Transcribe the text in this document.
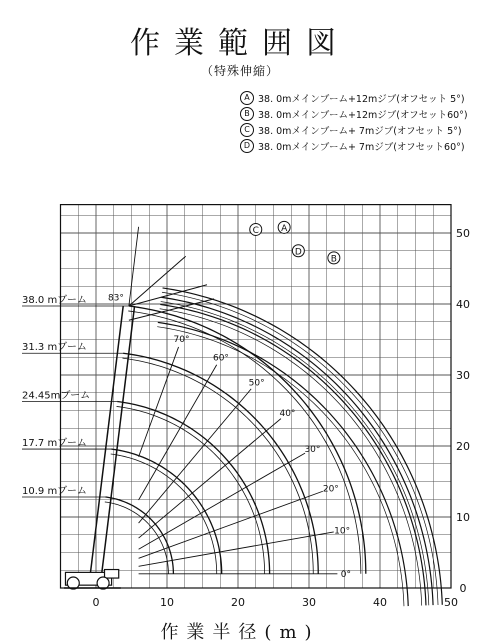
作業範囲図
（特殊伸縮）
A 38. 0mメインブーム+12mジブ(オフセット 5°)
B 38. 0mメインブーム+12mジブ(オフセット60°)
C 38. 0mメインブーム+ 7mジブ(オフセット 5°)
D 38. 0mメインブーム+ 7mジブ(オフセット60°)
0	10	20	30	40	50
0
10
20
30
40
50
0°
10°
20°
30°
40°
50°
60°
70°
83°
C A
D
B
38.0 mブーム
31.3 mブーム
24.45mブーム
17.7 mブーム
10.9 mブーム
作業半径(m)
